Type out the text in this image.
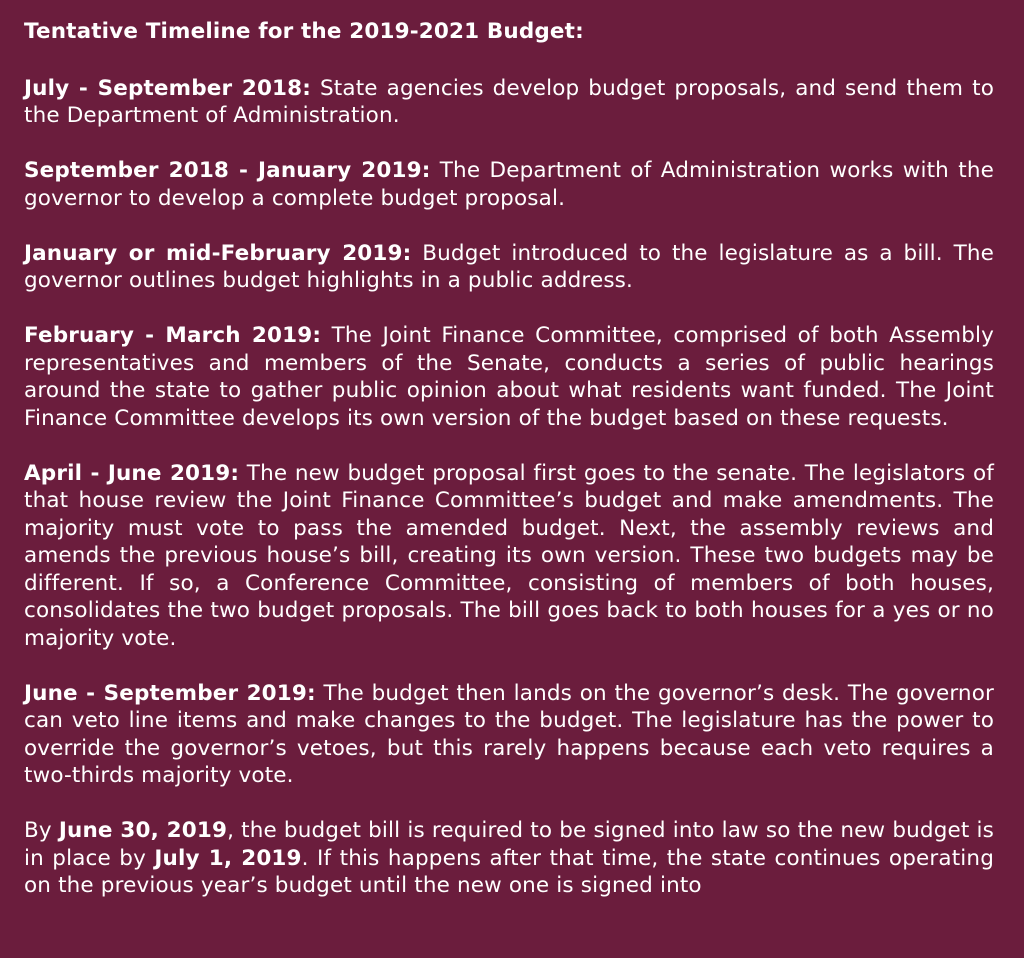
Tentative Timeline for the 2019-2021 Budget:
July - September 2018: State agencies develop budget proposals, and send them to the Department of Administration.
September 2018 - January 2019: The Department of Administration works with the governor to develop a complete budget proposal.
January or mid-February 2019: Budget introduced to the legislature as a bill. The governor outlines budget highlights in a public address.
February - March 2019: The Joint Finance Committee, comprised of both Assembly representatives and members of the Senate, conducts a series of public hearings around the state to gather public opinion about what residents want funded. The Joint Finance Committee develops its own version of the budget based on these requests.
April - June 2019: The new budget proposal first goes to the senate. The legislators of that house review the Joint Finance Committee’s budget and make amendments. The majority must vote to pass the amended budget. Next, the assembly reviews and amends the previous house’s bill, creating its own version. These two budgets may be different. If so, a Conference Committee, consisting of members of both houses, consolidates the two budget proposals. The bill goes back to both houses for a yes or no majority vote.
June - September 2019: The budget then lands on the governor’s desk. The governor can veto line items and make changes to the budget. The legislature has the power to override the governor’s vetoes, but this rarely happens because each veto requires a two-thirds majority vote.
By June 30, 2019, the budget bill is required to be signed into law so the new budget is in place by July 1, 2019. If this happens after that time, the state continues operating on the previous year’s budget until the new one is signed into
